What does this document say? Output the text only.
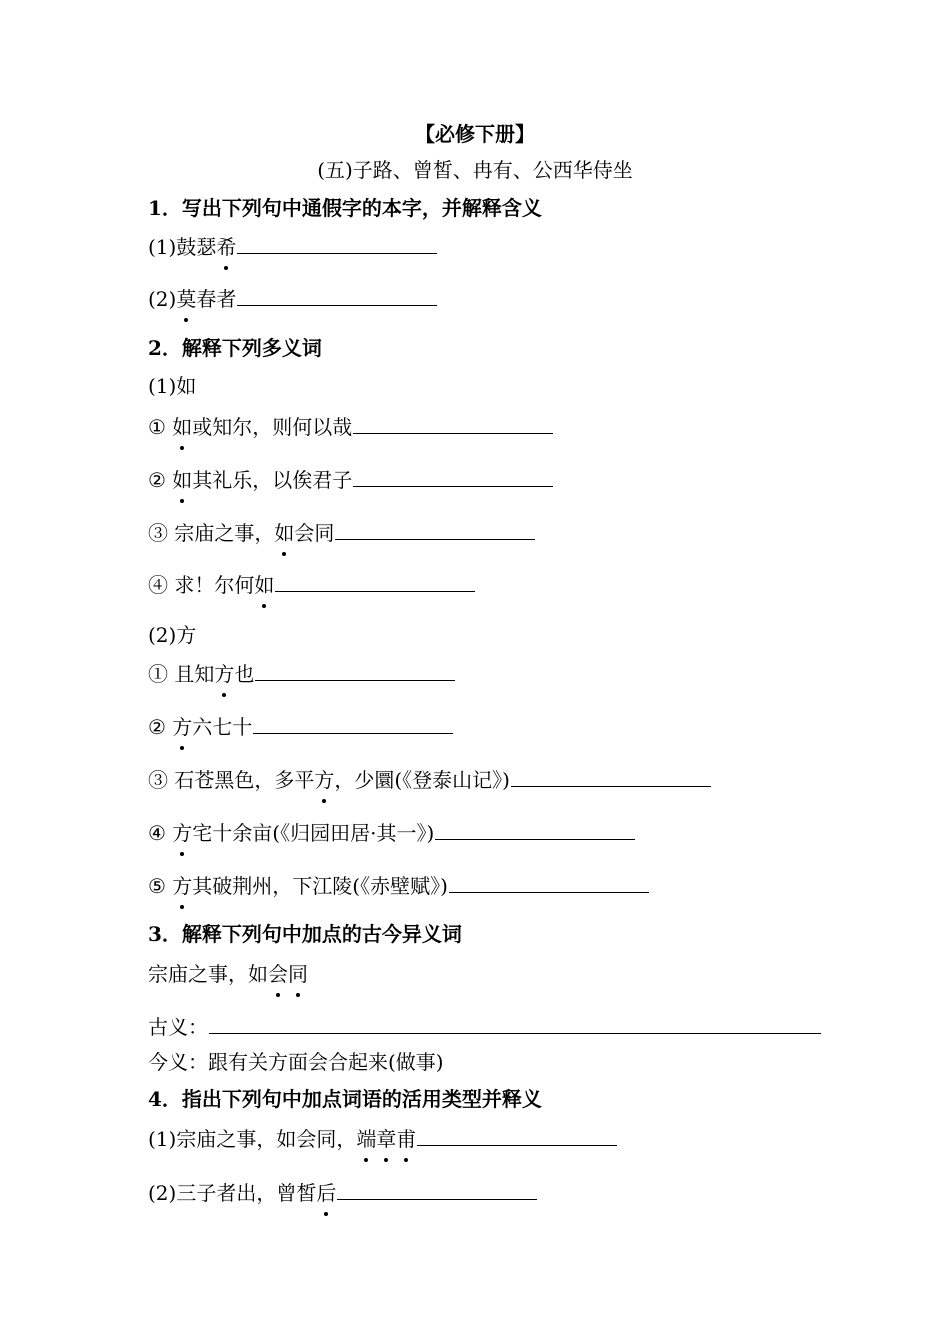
【必修下册】
(五)子路、曾皙、冉有、公西华侍坐
1．写出下列句中通假字的本字，并解释含义
(1)鼓瑟希
(2)莫春者
2．解释下列多义词
(1)如
① 如或知尔，则何以哉
② 如其礼乐，以俟君子
③ 宗庙之事，如会同
④ 求！尔何如
(2)方
① 且知方也
② 方六七十
③ 石苍黑色，多平方，少圜(《登泰山记》)
④ 方宅十余亩(《归园田居·其一》)
⑤ 方其破荆州，下江陵(《赤壁赋》)
3．解释下列句中加点的古今异义词
宗庙之事，如会同
古义：
今义：跟有关方面会合起来(做事)
4．指出下列句中加点词语的活用类型并释义
(1)宗庙之事，如会同，端章甫
(2)三子者出，曾皙后
